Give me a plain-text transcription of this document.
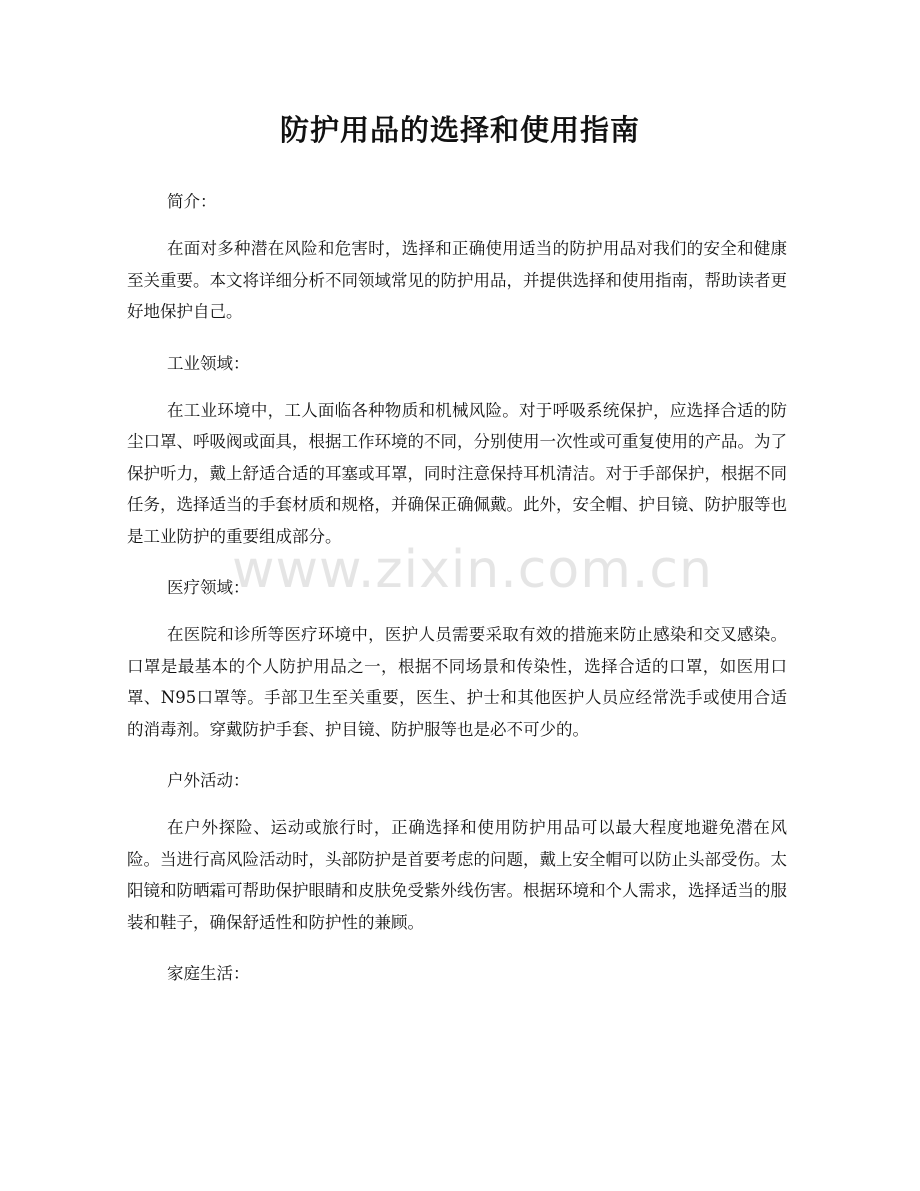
防护用品的选择和使用指南

简介：

在面对多种潜在风险和危害时，选择和正确使用适当的防护用品对我们的安全和健康至关重要。本文将详细分析不同领域常见的防护用品，并提供选择和使用指南，帮助读者更好地保护自己。

工业领域：

在工业环境中，工人面临各种物质和机械风险。对于呼吸系统保护，应选择合适的防尘口罩、呼吸阀或面具，根据工作环境的不同，分别使用一次性或可重复使用的产品。为了保护听力，戴上舒适合适的耳塞或耳罩，同时注意保持耳机清洁。对于手部保护，根据不同任务，选择适当的手套材质和规格，并确保正确佩戴。此外，安全帽、护目镜、防护服等也是工业防护的重要组成部分。

医疗领域：

在医院和诊所等医疗环境中，医护人员需要采取有效的措施来防止感染和交叉感染。口罩是最基本的个人防护用品之一，根据不同场景和传染性，选择合适的口罩，如医用口罩、N95口罩等。手部卫生至关重要，医生、护士和其他医护人员应经常洗手或使用合适的消毒剂。穿戴防护手套、护目镜、防护服等也是必不可少的。

户外活动：

在户外探险、运动或旅行时，正确选择和使用防护用品可以最大程度地避免潜在风险。当进行高风险活动时，头部防护是首要考虑的问题，戴上安全帽可以防止头部受伤。太阳镜和防晒霜可帮助保护眼睛和皮肤免受紫外线伤害。根据环境和个人需求，选择适当的服装和鞋子，确保舒适性和防护性的兼顾。

家庭生活：

www.zixin.com.cn
